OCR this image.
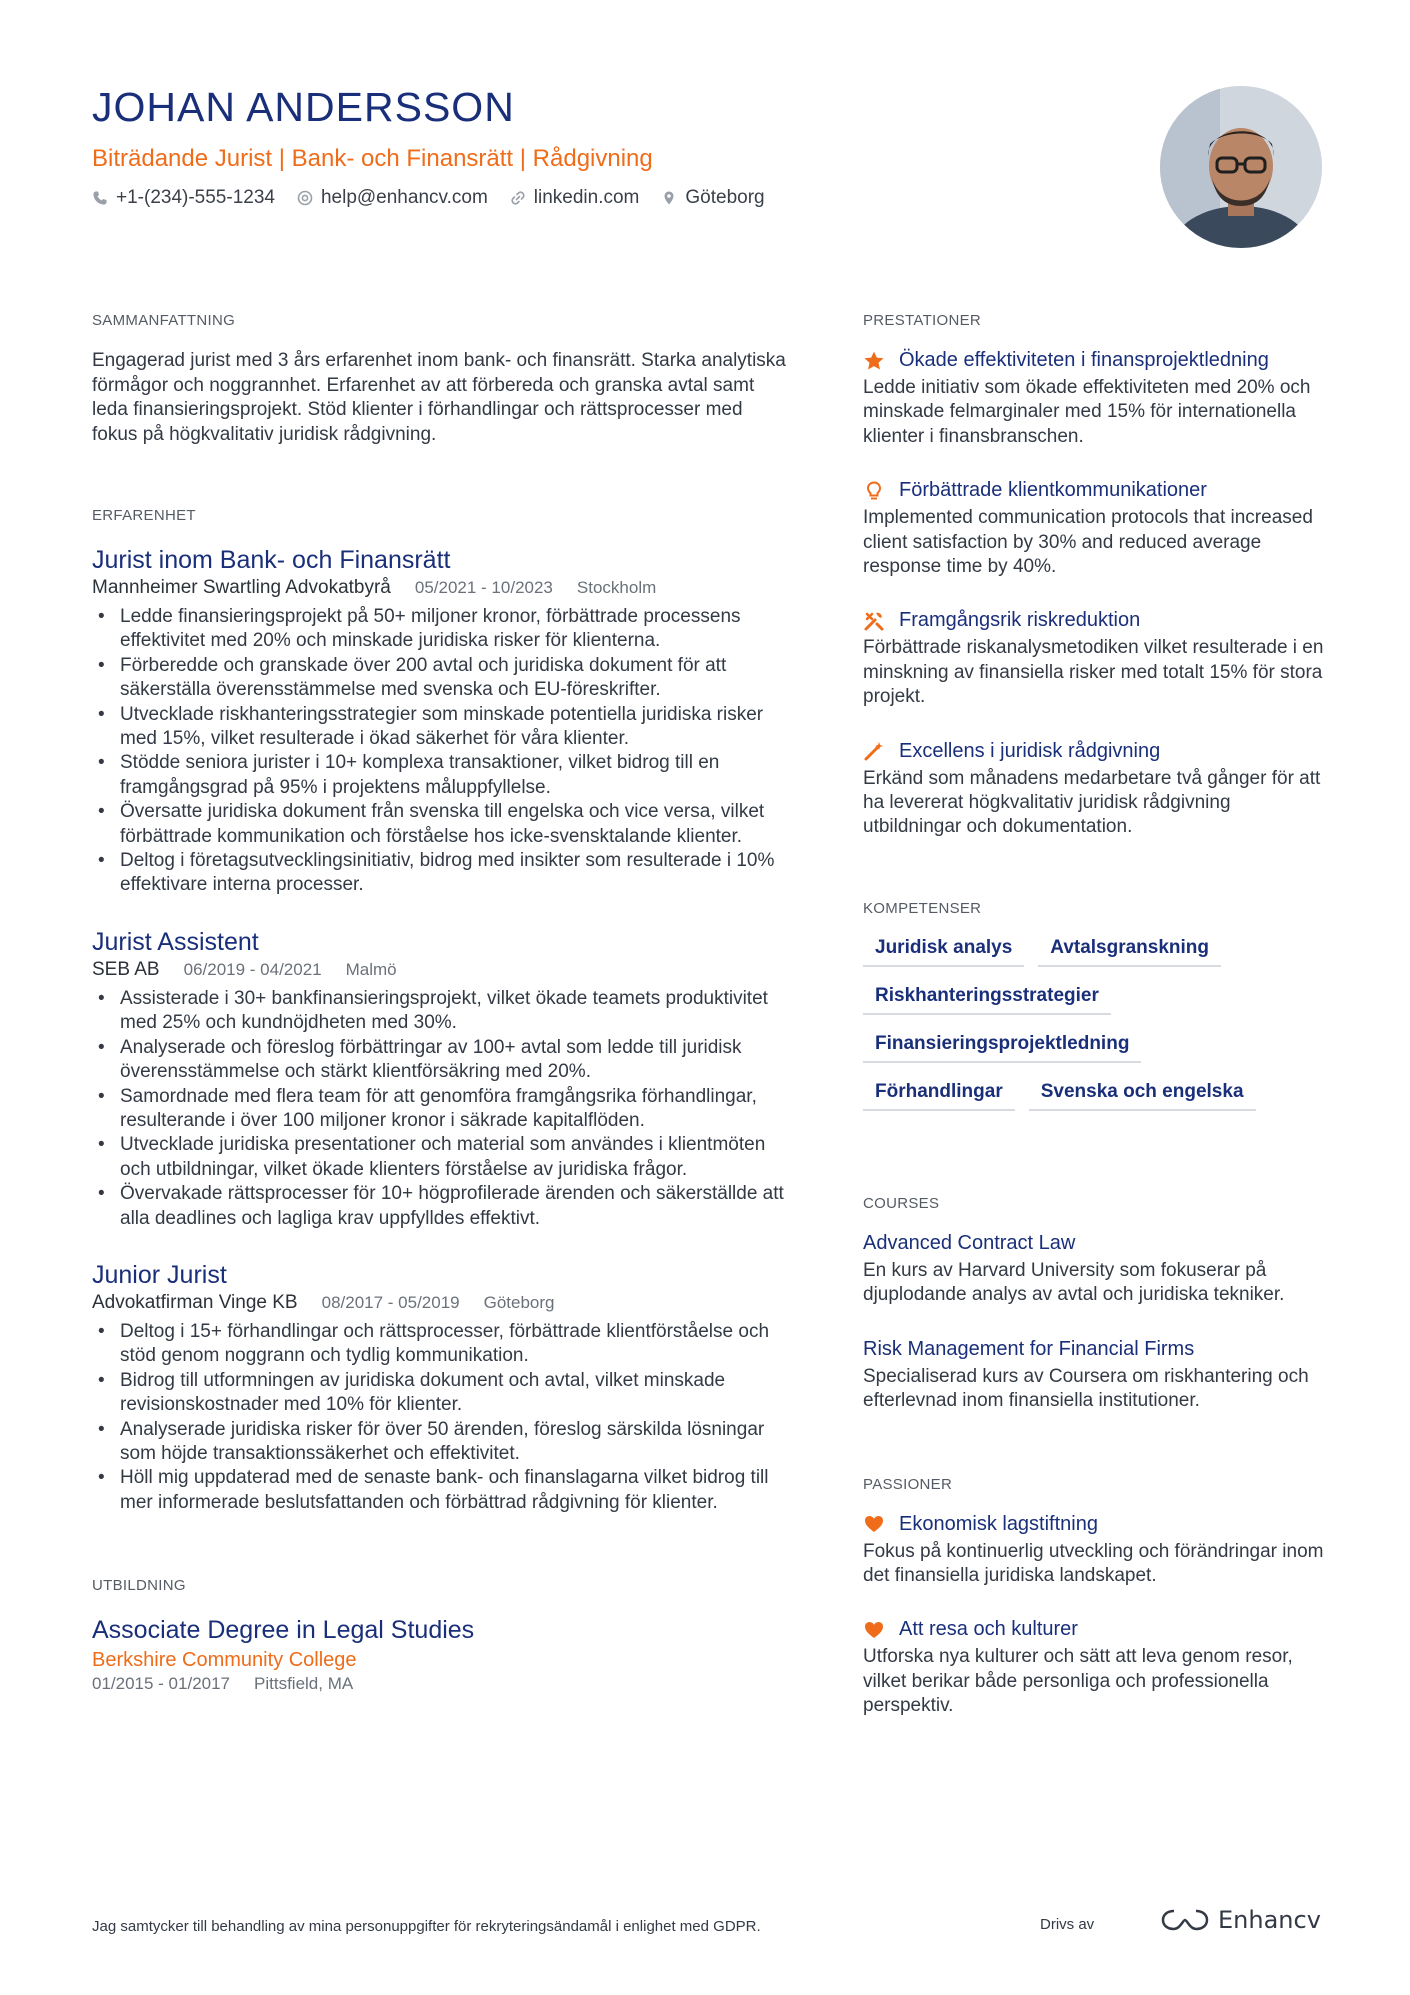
JOHAN ANDERSSON
Biträdande Jurist | Bank- och Finansrätt | Rådgivning
+1-(234)-555-1234 help@enhancv.com linkedin.com Göteborg
SAMMANFATTNING
Engagerad jurist med 3 års erfarenhet inom bank- och finansrätt. Starka analytiska förmågor och noggrannhet. Erfarenhet av att förbereda och granska avtal samt leda finansieringsprojekt. Stöd klienter i förhandlingar och rättsprocesser med fokus på högkvalitativ juridisk rådgivning.
ERFARENHET
Jurist inom Bank- och Finansrätt
Mannheimer Swartling Advokatbyrå 05/2021 - 10/2023 Stockholm
• Ledde finansieringsprojekt på 50+ miljoner kronor, förbättrade processens effektivitet med 20% och minskade juridiska risker för klienterna.
• Förberedde och granskade över 200 avtal och juridiska dokument för att säkerställa överensstämmelse med svenska och EU-föreskrifter.
• Utvecklade riskhanteringsstrategier som minskade potentiella juridiska risker med 15%, vilket resulterade i ökad säkerhet för våra klienter.
• Stödde seniora jurister i 10+ komplexa transaktioner, vilket bidrog till en framgångsgrad på 95% i projektens måluppfyllelse.
• Översatte juridiska dokument från svenska till engelska och vice versa, vilket förbättrade kommunikation och förståelse hos icke-svensktalande klienter.
• Deltog i företagsutvecklingsinitiativ, bidrog med insikter som resulterade i 10% effektivare interna processer.
Jurist Assistent
SEB AB 06/2019 - 04/2021 Malmö
• Assisterade i 30+ bankfinansieringsprojekt, vilket ökade teamets produktivitet med 25% och kundnöjdheten med 30%.
• Analyserade och föreslog förbättringar av 100+ avtal som ledde till juridisk överensstämmelse och stärkt klientförsäkring med 20%.
• Samordnade med flera team för att genomföra framgångsrika förhandlingar, resulterande i över 100 miljoner kronor i säkrade kapitalflöden.
• Utvecklade juridiska presentationer och material som användes i klientmöten och utbildningar, vilket ökade klienters förståelse av juridiska frågor.
• Övervakade rättsprocesser för 10+ högprofilerade ärenden och säkerställde att alla deadlines och lagliga krav uppfylldes effektivt.
Junior Jurist
Advokatfirman Vinge KB 08/2017 - 05/2019 Göteborg
• Deltog i 15+ förhandlingar och rättsprocesser, förbättrade klientförståelse och stöd genom noggrann och tydlig kommunikation.
• Bidrog till utformningen av juridiska dokument och avtal, vilket minskade revisionskostnader med 10% för klienter.
• Analyserade juridiska risker för över 50 ärenden, föreslog särskilda lösningar som höjde transaktionssäkerhet och effektivitet.
• Höll mig uppdaterad med de senaste bank- och finanslagarna vilket bidrog till mer informerade beslutsfattanden och förbättrad rådgivning för klienter.
UTBILDNING
Associate Degree in Legal Studies
Berkshire Community College
01/2015 - 01/2017 Pittsfield, MA
PRESTATIONER
Ökade effektiviteten i finansprojektledning
Ledde initiativ som ökade effektiviteten med 20% och minskade felmarginaler med 15% för internationella klienter i finansbranschen.
Förbättrade klientkommunikationer
Implemented communication protocols that increased client satisfaction by 30% and reduced average response time by 40%.
Framgångsrik riskreduktion
Förbättrade riskanalysmetodiken vilket resulterade i en minskning av finansiella risker med totalt 15% för stora projekt.
Excellens i juridisk rådgivning
Erkänd som månadens medarbetare två gånger för att ha levererat högkvalitativ juridisk rådgivning utbildningar och dokumentation.
KOMPETENSER
Juridisk analys	Avtalsgranskning
Riskhanteringsstrategier
Finansieringsprojektledning
Förhandlingar	Svenska och engelska
COURSES
Advanced Contract Law
En kurs av Harvard University som fokuserar på djuplodande analys av avtal och juridiska tekniker.
Risk Management for Financial Firms
Specialiserad kurs av Coursera om riskhantering och efterlevnad inom finansiella institutioner.
PASSIONER
Ekonomisk lagstiftning
Fokus på kontinuerlig utveckling och förändringar inom det finansiella juridiska landskapet.
Att resa och kulturer
Utforska nya kulturer och sätt att leva genom resor, vilket berikar både personliga och professionella perspektiv.
Jag samtycker till behandling av mina personuppgifter för rekryteringsändamål i enlighet med GDPR.	Drivs av	Enhancv
